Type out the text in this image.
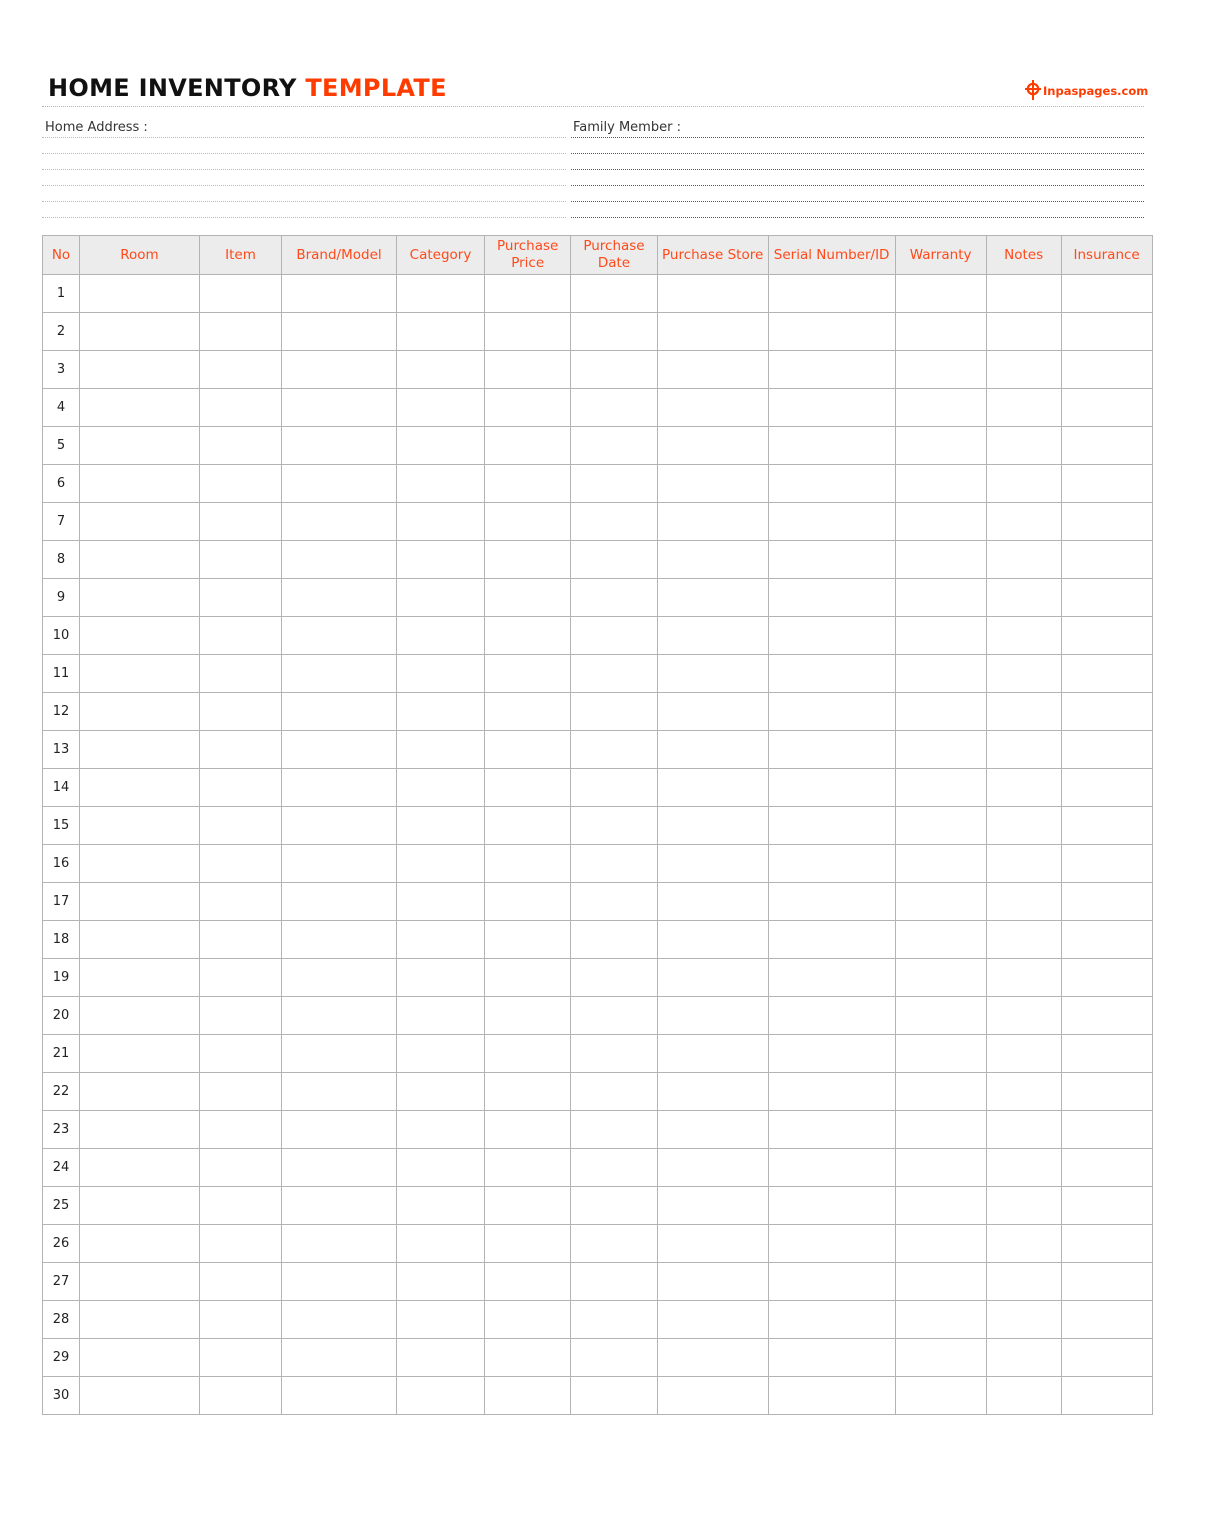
HOME INVENTORY TEMPLATE	Inpaspages.com
Home Address :	Family Member :
No	Room	Item	Brand/Model	Category	Purchase Price	Purchase Date	Purchase Store	Serial Number/ID	Warranty	Notes	Insurance
1											
2											
3											
4											
5											
6											
7											
8											
9											
10											
11											
12											
13											
14											
15											
16											
17											
18											
19											
20											
21											
22											
23											
24											
25											
26											
27											
28											
29											
30											
